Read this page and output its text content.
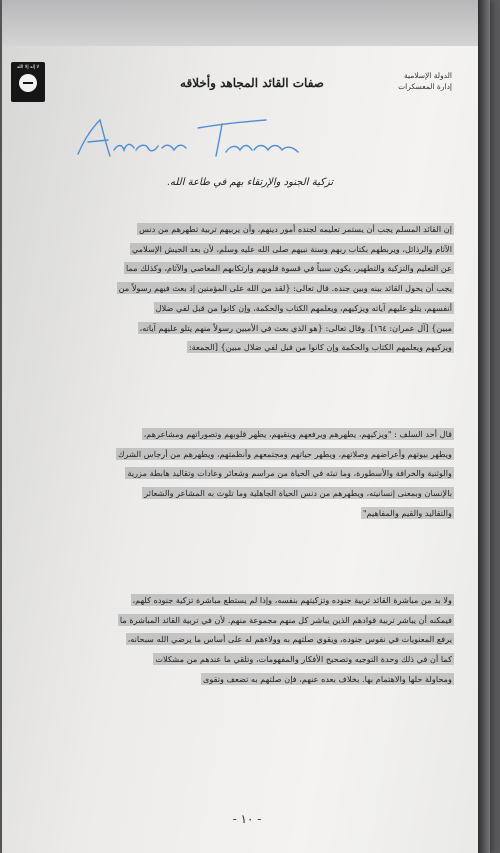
لا إله إلا الله
صفات القائد المجاهد وأخلاقه
الدولة الإسلامية
إدارة المعسكرات
تزكية الجنود والإرتقاء بهم في طاعة الله.
إن القائد المسلم يجب أن يستمر تعليمه لجنده أمور دينهم، وأن يربيهم تربية تطهرهم من دنس
الآثام والرذائل، ويربطهم بكتاب ربهم وسنة نبيهم صلى الله عليه وسلم، لأن بعد الجيش الإسلامي
عن التعليم والتزكية والتطهير، يكون سبباً في قسوة قلوبهم وارتكابهم المعاصي والآثام، وكذلك مما
يجب أن يحول القائد بينه وبين جنده. قال تعالى: {لقد من الله على المؤمنين إذ بعث فيهم رسولاً من
أنفسهم، يتلو عليهم آياته ويزكيهم، ويعلمهم الكتاب والحكمة، وإن كانوا من قبل لفي ضلال
مبين} [آل عمران: ١٦٤]. وقال تعالى: {هو الذي بعث في الأميين رسولاً منهم يتلو عليهم آياته،
ويزكيهم ويعلمهم الكتاب والحكمة وإن كانوا من قبل لفي ضلال مبين} [الجمعة:
قال أحد السلف : "ويزكيهم، يطهرهم ويرفعهم وينقيهم، يطهر قلوبهم وتصوراتهم ومشاعرهم،
ويطهر بيوتهم وأعراضهم وصلاتهم، ويطهر حياتهم ومجتمعهم وأنظمتهم، ويطهرهم من أرجاس الشرك
والوثنية والخرافة والأسطورة، وما تبثه في الحياة من مراسم وشعائر وعادات وتقاليد هابطة مزرية
بالإنسان وبمعنى إنسانيته، ويطهرهم من دنس الحياة الجاهلية وما تلوث به المشاعر والشعائر
والتقاليد والقيم والمفاهيم"
ولا بد من مباشرة القائد تربية جنوده وتزكيتهم بنفسه، وإذا لم يستطع مباشرة تزكية جنوده كلهم،
فيمكنه أن يباشر تربية قوادهم الذين يباشر كل منهم مجموعة منهم. لأن في تربية القائد المباشرة ما
يرفع المعنويات في نفوس جنوده، ويقوي صلتهم به وولاءهم له على أساس ما يرضي الله سبحانه،
كما أن في ذلك وحدة التوجيه وتصحيح الأفكار والمفهومات، وتلقي ما عندهم من مشكلات
ومحاولة حلها والاهتمام بها. بخلاف بعده عنهم، فإن صلتهم به تضعف وتقوى
- ١٠ -
